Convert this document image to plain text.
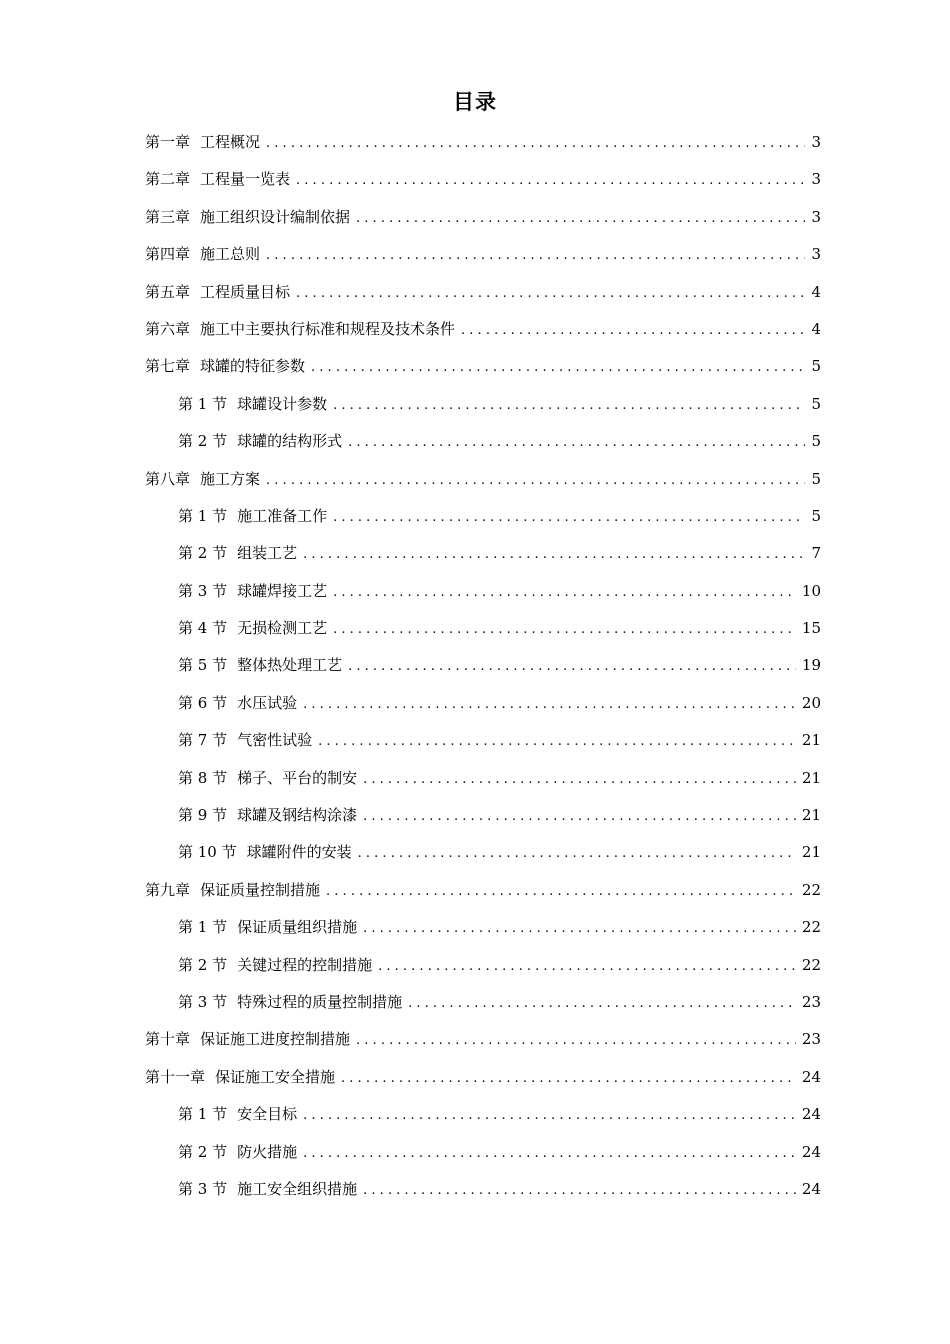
目录
第一章 工程概况 . . .	3
第二章 工程量一览表 . . .	3
第三章 施工组织设计编制依据 . . .	3
第四章 施工总则 . . .	3
第五章 工程质量目标 . . .	4
第六章 施工中主要执行标准和规程及技术条件 . . .	4
第七章 球罐的特征参数 . . .	5
第 1 节 球罐设计参数 . . .	5
第 2 节 球罐的结构形式 . . .	5
第八章 施工方案 . . .	5
第 1 节 施工准备工作 . . .	5
第 2 节 组装工艺 . . .	7
第 3 节 球罐焊接工艺 . . .	10
第 4 节 无损检测工艺 . . .	15
第 5 节 整体热处理工艺 . . .	19
第 6 节 水压试验 . . .	20
第 7 节 气密性试验 . . .	21
第 8 节 梯子、平台的制安 . . .	21
第 9 节 球罐及钢结构涂漆 . . .	21
第 10 节 球罐附件的安装 . . .	21
第九章 保证质量控制措施 . . .	22
第 1 节 保证质量组织措施 . . .	22
第 2 节 关键过程的控制措施 . . .	22
第 3 节 特殊过程的质量控制措施 . . .	23
第十章 保证施工进度控制措施 . . .	23
第十一章 保证施工安全措施 . . .	24
第 1 节 安全目标 . . .	24
第 2 节 防火措施 . . .	24
第 3 节 施工安全组织措施 . . .	24
